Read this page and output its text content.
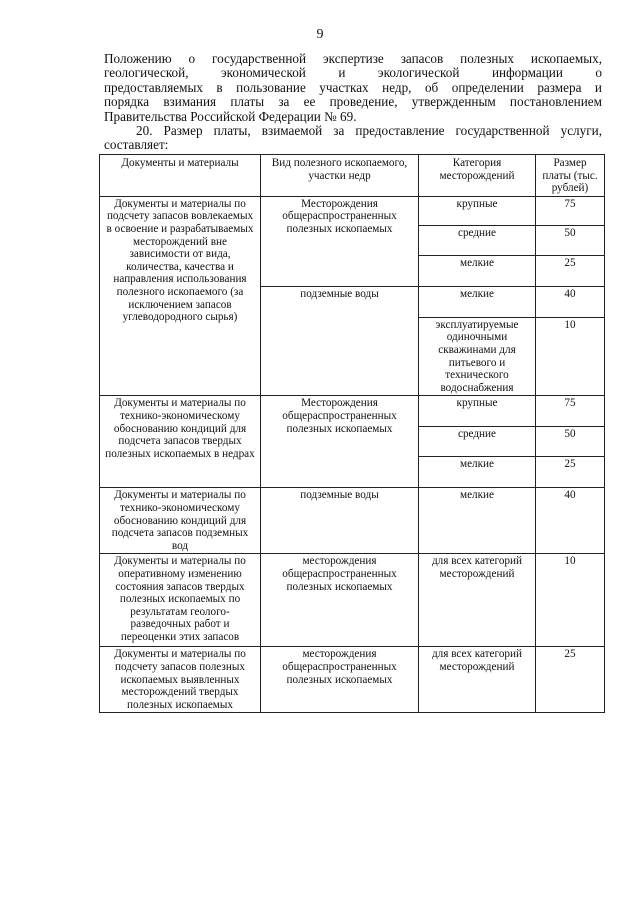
9
Положению о государственной экспертизе запасов полезных ископаемых,
геологической, экономической и экологической информации о
предоставляемых в пользование участках недр, об определении размера и
порядка взимания платы за ее проведение, утвержденным постановлением
Правительства Российской Федерации № 69.
20. Размер платы, взимаемой за предоставление государственной услуги,
составляет:
Документы и материалы	Вид полезного ископаемого, участки недр	Категория месторождений	Размер платы (тыс. рублей)
Документы и материалы по подсчету запасов вовлекаемых в освоение и разрабатываемых месторождений вне зависимости от вида, количества, качества и направления использования полезного ископаемого (за исключением запасов углеводородного сырья)	Месторождения общераспространенных полезных ископаемых	крупные	75
		средние	50
		мелкие	25
	подземные воды	мелкие	40
		эксплуатируемые одиночными скважинами для питьевого и технического водоснабжения	10
Документы и материалы по технико-экономическому обоснованию кондиций для подсчета запасов твердых полезных ископаемых в недрах	Месторождения общераспространенных полезных ископаемых	крупные	75
		средние	50
		мелкие	25
Документы и материалы по технико-экономическому обоснованию кондиций для подсчета запасов подземных вод	подземные воды	мелкие	40
Документы и материалы по оперативному изменению состояния запасов твердых полезных ископаемых по результатам геолого-разведочных работ и переоценки этих запасов	месторождения общераспространенных полезных ископаемых	для всех категорий месторождений	10
Документы и материалы по подсчету запасов полезных ископаемых выявленных месторождений твердых полезных ископаемых	месторождения общераспространенных полезных ископаемых	для всех категорий месторождений	25
